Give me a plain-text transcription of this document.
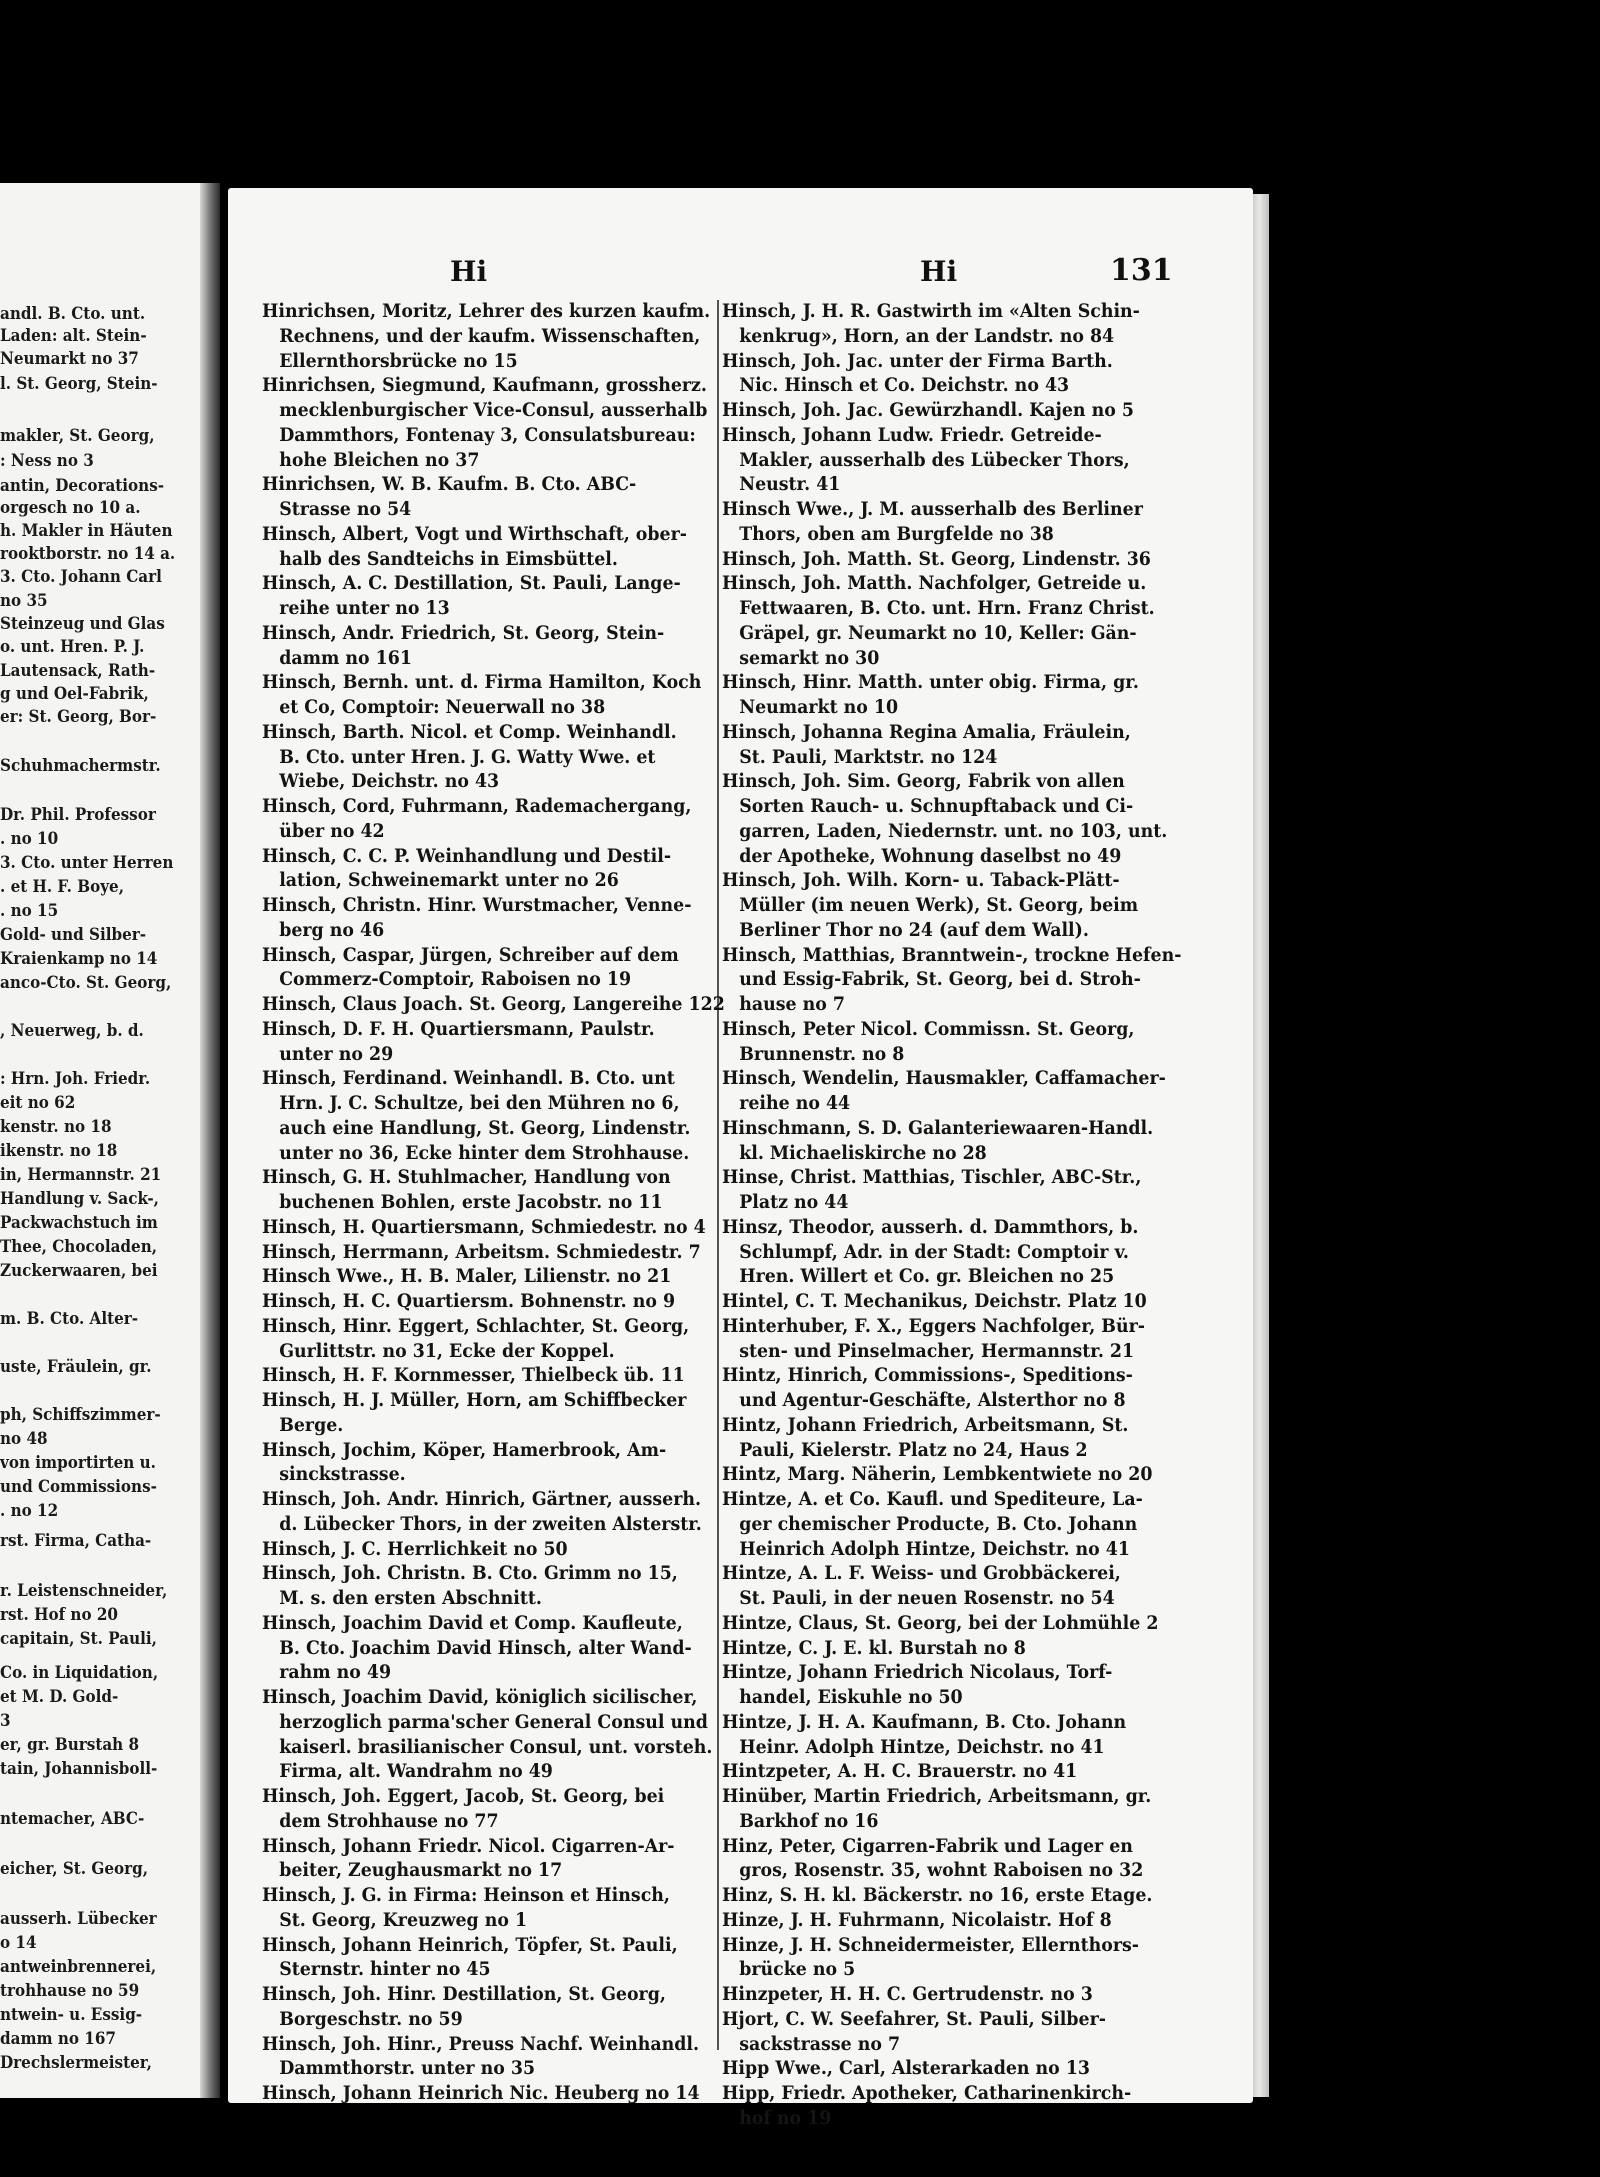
andl. B. Cto. unt.
Laden: alt. Stein-
Neumarkt no 37
l. St. Georg, Stein-
makler, St. Georg,
: Ness no 3
antin, Decorations-
orgesch no 10 a.
h. Makler in Häuten
rooktborstr. no 14 a.
3. Cto. Johann Carl
no 35
Steinzeug und Glas
o. unt. Hren. P. J.
Lautensack, Rath-
g und Oel-Fabrik,
er: St. Georg, Bor-
Schuhmachermstr.
Dr. Phil. Professor
. no 10
3. Cto. unter Herren
. et H. F. Boye,
. no 15
Gold- und Silber-
Kraienkamp no 14
anco-Cto. St. Georg,
, Neuerweg, b. d.
: Hrn. Joh. Friedr.
eit no 62
kenstr. no 18
ikenstr. no 18
in, Hermannstr. 21
Handlung v. Sack-,
Packwachstuch im
Thee, Chocoladen,
Zuckerwaaren, bei
m. B. Cto. Alter-
uste, Fräulein, gr.
ph, Schiffszimmer-
no 48
von importirten u.
und Commissions-
. no 12
rst. Firma, Catha-
r. Leistenschneider,
rst. Hof no 20
capitain, St. Pauli,
Co. in Liquidation,
et M. D. Gold-
3
er, gr. Burstah 8
tain, Johannisboll-
ntemacher, ABC-
eicher, St. Georg,
ausserh. Lübecker
o 14
antweinbrennerei,
trohhause no 59
ntwein- u. Essig-
damm no 167
Drechslermeister,
Hi	Hi	131
Hinrichsen, Moritz, Lehrer des kurzen kaufm.
Rechnens, und der kaufm. Wissenschaften,
Ellernthorsbrücke no 15
Hinrichsen, Siegmund, Kaufmann, grossherz.
mecklenburgischer Vice-Consul, ausserhalb
Dammthors, Fontenay 3, Consulatsbureau:
hohe Bleichen no 37
Hinrichsen, W. B. Kaufm. B. Cto. ABC-
Strasse no 54
Hinsch, Albert, Vogt und Wirthschaft, ober-
halb des Sandteichs in Eimsbüttel.
Hinsch, A. C. Destillation, St. Pauli, Lange-
reihe unter no 13
Hinsch, Andr. Friedrich, St. Georg, Stein-
damm no 161
Hinsch, Bernh. unt. d. Firma Hamilton, Koch
et Co, Comptoir: Neuerwall no 38
Hinsch, Barth. Nicol. et Comp. Weinhandl.
B. Cto. unter Hren. J. G. Watty Wwe. et
Wiebe, Deichstr. no 43
Hinsch, Cord, Fuhrmann, Rademachergang,
über no 42
Hinsch, C. C. P. Weinhandlung und Destil-
lation, Schweinemarkt unter no 26
Hinsch, Christn. Hinr. Wurstmacher, Venne-
berg no 46
Hinsch, Caspar, Jürgen, Schreiber auf dem
Commerz-Comptoir, Raboisen no 19
Hinsch, Claus Joach. St. Georg, Langereihe 122
Hinsch, D. F. H. Quartiersmann, Paulstr.
unter no 29
Hinsch, Ferdinand. Weinhandl. B. Cto. unt
Hrn. J. C. Schultze, bei den Mühren no 6,
auch eine Handlung, St. Georg, Lindenstr.
unter no 36, Ecke hinter dem Strohhause.
Hinsch, G. H. Stuhlmacher, Handlung von
buchenen Bohlen, erste Jacobstr. no 11
Hinsch, H. Quartiersmann, Schmiedestr. no 4
Hinsch, Herrmann, Arbeitsm. Schmiedestr. 7
Hinsch Wwe., H. B. Maler, Lilienstr. no 21
Hinsch, H. C. Quartiersm. Bohnenstr. no 9
Hinsch, Hinr. Eggert, Schlachter, St. Georg,
Gurlittstr. no 31, Ecke der Koppel.
Hinsch, H. F. Kornmesser, Thielbeck üb. 11
Hinsch, H. J. Müller, Horn, am Schiffbecker
Berge.
Hinsch, Jochim, Köper, Hamerbrook, Am-
sinckstrasse.
Hinsch, Joh. Andr. Hinrich, Gärtner, ausserh.
d. Lübecker Thors, in der zweiten Alsterstr.
Hinsch, J. C. Herrlichkeit no 50
Hinsch, Joh. Christn. B. Cto. Grimm no 15,
M. s. den ersten Abschnitt.
Hinsch, Joachim David et Comp. Kaufleute,
B. Cto. Joachim David Hinsch, alter Wand-
rahm no 49
Hinsch, Joachim David, königlich sicilischer,
herzoglich parma'scher General Consul und
kaiserl. brasilianischer Consul, unt. vorsteh.
Firma, alt. Wandrahm no 49
Hinsch, Joh. Eggert, Jacob, St. Georg, bei
dem Strohhause no 77
Hinsch, Johann Friedr. Nicol. Cigarren-Ar-
beiter, Zeughausmarkt no 17
Hinsch, J. G. in Firma: Heinson et Hinsch,
St. Georg, Kreuzweg no 1
Hinsch, Johann Heinrich, Töpfer, St. Pauli,
Sternstr. hinter no 45
Hinsch, Joh. Hinr. Destillation, St. Georg,
Borgeschstr. no 59
Hinsch, Joh. Hinr., Preuss Nachf. Weinhandl.
Dammthorstr. unter no 35
Hinsch, Johann Heinrich Nic. Heuberg no 14
Hinsch, J. H. R. Gastwirth im «Alten Schin-
kenkrug», Horn, an der Landstr. no 84
Hinsch, Joh. Jac. unter der Firma Barth.
Nic. Hinsch et Co. Deichstr. no 43
Hinsch, Joh. Jac. Gewürzhandl. Kajen no 5
Hinsch, Johann Ludw. Friedr. Getreide-
Makler, ausserhalb des Lübecker Thors,
Neustr. 41
Hinsch Wwe., J. M. ausserhalb des Berliner
Thors, oben am Burgfelde no 38
Hinsch, Joh. Matth. St. Georg, Lindenstr. 36
Hinsch, Joh. Matth. Nachfolger, Getreide u.
Fettwaaren, B. Cto. unt. Hrn. Franz Christ.
Gräpel, gr. Neumarkt no 10, Keller: Gän-
semarkt no 30
Hinsch, Hinr. Matth. unter obig. Firma, gr.
Neumarkt no 10
Hinsch, Johanna Regina Amalia, Fräulein,
St. Pauli, Marktstr. no 124
Hinsch, Joh. Sim. Georg, Fabrik von allen
Sorten Rauch- u. Schnupftaback und Ci-
garren, Laden, Niedernstr. unt. no 103, unt.
der Apotheke, Wohnung daselbst no 49
Hinsch, Joh. Wilh. Korn- u. Taback-Plätt-
Müller (im neuen Werk), St. Georg, beim
Berliner Thor no 24 (auf dem Wall).
Hinsch, Matthias, Branntwein-, trockne Hefen-
und Essig-Fabrik, St. Georg, bei d. Stroh-
hause no 7
Hinsch, Peter Nicol. Commissn. St. Georg,
Brunnenstr. no 8
Hinsch, Wendelin, Hausmakler, Caffamacher-
reihe no 44
Hinschmann, S. D. Galanteriewaaren-Handl.
kl. Michaeliskirche no 28
Hinse, Christ. Matthias, Tischler, ABC-Str.,
Platz no 44
Hinsz, Theodor, ausserh. d. Dammthors, b.
Schlumpf, Adr. in der Stadt: Comptoir v.
Hren. Willert et Co. gr. Bleichen no 25
Hintel, C. T. Mechanikus, Deichstr. Platz 10
Hinterhuber, F. X., Eggers Nachfolger, Bür-
sten- und Pinselmacher, Hermannstr. 21
Hintz, Hinrich, Commissions-, Speditions-
und Agentur-Geschäfte, Alsterthor no 8
Hintz, Johann Friedrich, Arbeitsmann, St.
Pauli, Kielerstr. Platz no 24, Haus 2
Hintz, Marg. Näherin, Lembkentwiete no 20
Hintze, A. et Co. Kaufl. und Spediteure, La-
ger chemischer Producte, B. Cto. Johann
Heinrich Adolph Hintze, Deichstr. no 41
Hintze, A. L. F. Weiss- und Grobbäckerei,
St. Pauli, in der neuen Rosenstr. no 54
Hintze, Claus, St. Georg, bei der Lohmühle 2
Hintze, C. J. E. kl. Burstah no 8
Hintze, Johann Friedrich Nicolaus, Torf-
handel, Eiskuhle no 50
Hintze, J. H. A. Kaufmann, B. Cto. Johann
Heinr. Adolph Hintze, Deichstr. no 41
Hintzpeter, A. H. C. Brauerstr. no 41
Hinüber, Martin Friedrich, Arbeitsmann, gr.
Barkhof no 16
Hinz, Peter, Cigarren-Fabrik und Lager en
gros, Rosenstr. 35, wohnt Raboisen no 32
Hinz, S. H. kl. Bäckerstr. no 16, erste Etage.
Hinze, J. H. Fuhrmann, Nicolaistr. Hof 8
Hinze, J. H. Schneidermeister, Ellernthors-
brücke no 5
Hinzpeter, H. H. C. Gertrudenstr. no 3
Hjort, C. W. Seefahrer, St. Pauli, Silber-
sackstrasse no 7
Hipp Wwe., Carl, Alsterarkaden no 13
Hipp, Friedr. Apotheker, Catharinenkirch-
hof no 19
